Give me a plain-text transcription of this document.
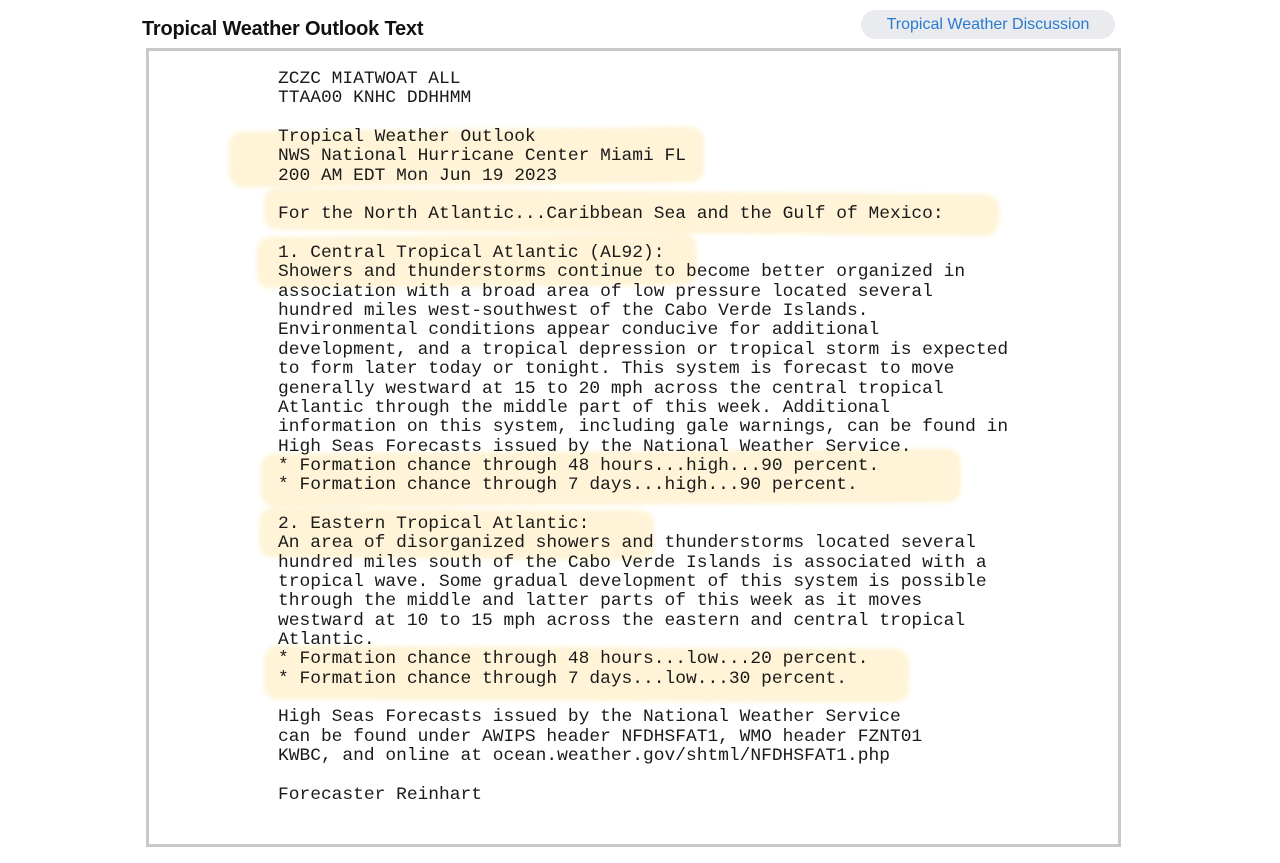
Tropical Weather Outlook Text	Tropical Weather Discussion
ZCZC MIATWOAT ALL
TTAA00 KNHC DDHHMM

Tropical Weather Outlook
NWS National Hurricane Center Miami FL
200 AM EDT Mon Jun 19 2023

For the North Atlantic...Caribbean Sea and the Gulf of Mexico:

1. Central Tropical Atlantic (AL92):
Showers and thunderstorms continue to become better organized in
association with a broad area of low pressure located several
hundred miles west-southwest of the Cabo Verde Islands.
Environmental conditions appear conducive for additional
development, and a tropical depression or tropical storm is expected
to form later today or tonight. This system is forecast to move
generally westward at 15 to 20 mph across the central tropical
Atlantic through the middle part of this week. Additional
information on this system, including gale warnings, can be found in
High Seas Forecasts issued by the National Weather Service.
* Formation chance through 48 hours...high...90 percent.
* Formation chance through 7 days...high...90 percent.

2. Eastern Tropical Atlantic:
An area of disorganized showers and thunderstorms located several
hundred miles south of the Cabo Verde Islands is associated with a
tropical wave. Some gradual development of this system is possible
through the middle and latter parts of this week as it moves
westward at 10 to 15 mph across the eastern and central tropical
Atlantic.
* Formation chance through 48 hours...low...20 percent.
* Formation chance through 7 days...low...30 percent.

High Seas Forecasts issued by the National Weather Service
can be found under AWIPS header NFDHSFAT1, WMO header FZNT01
KWBC, and online at ocean.weather.gov/shtml/NFDHSFAT1.php

Forecaster Reinhart
